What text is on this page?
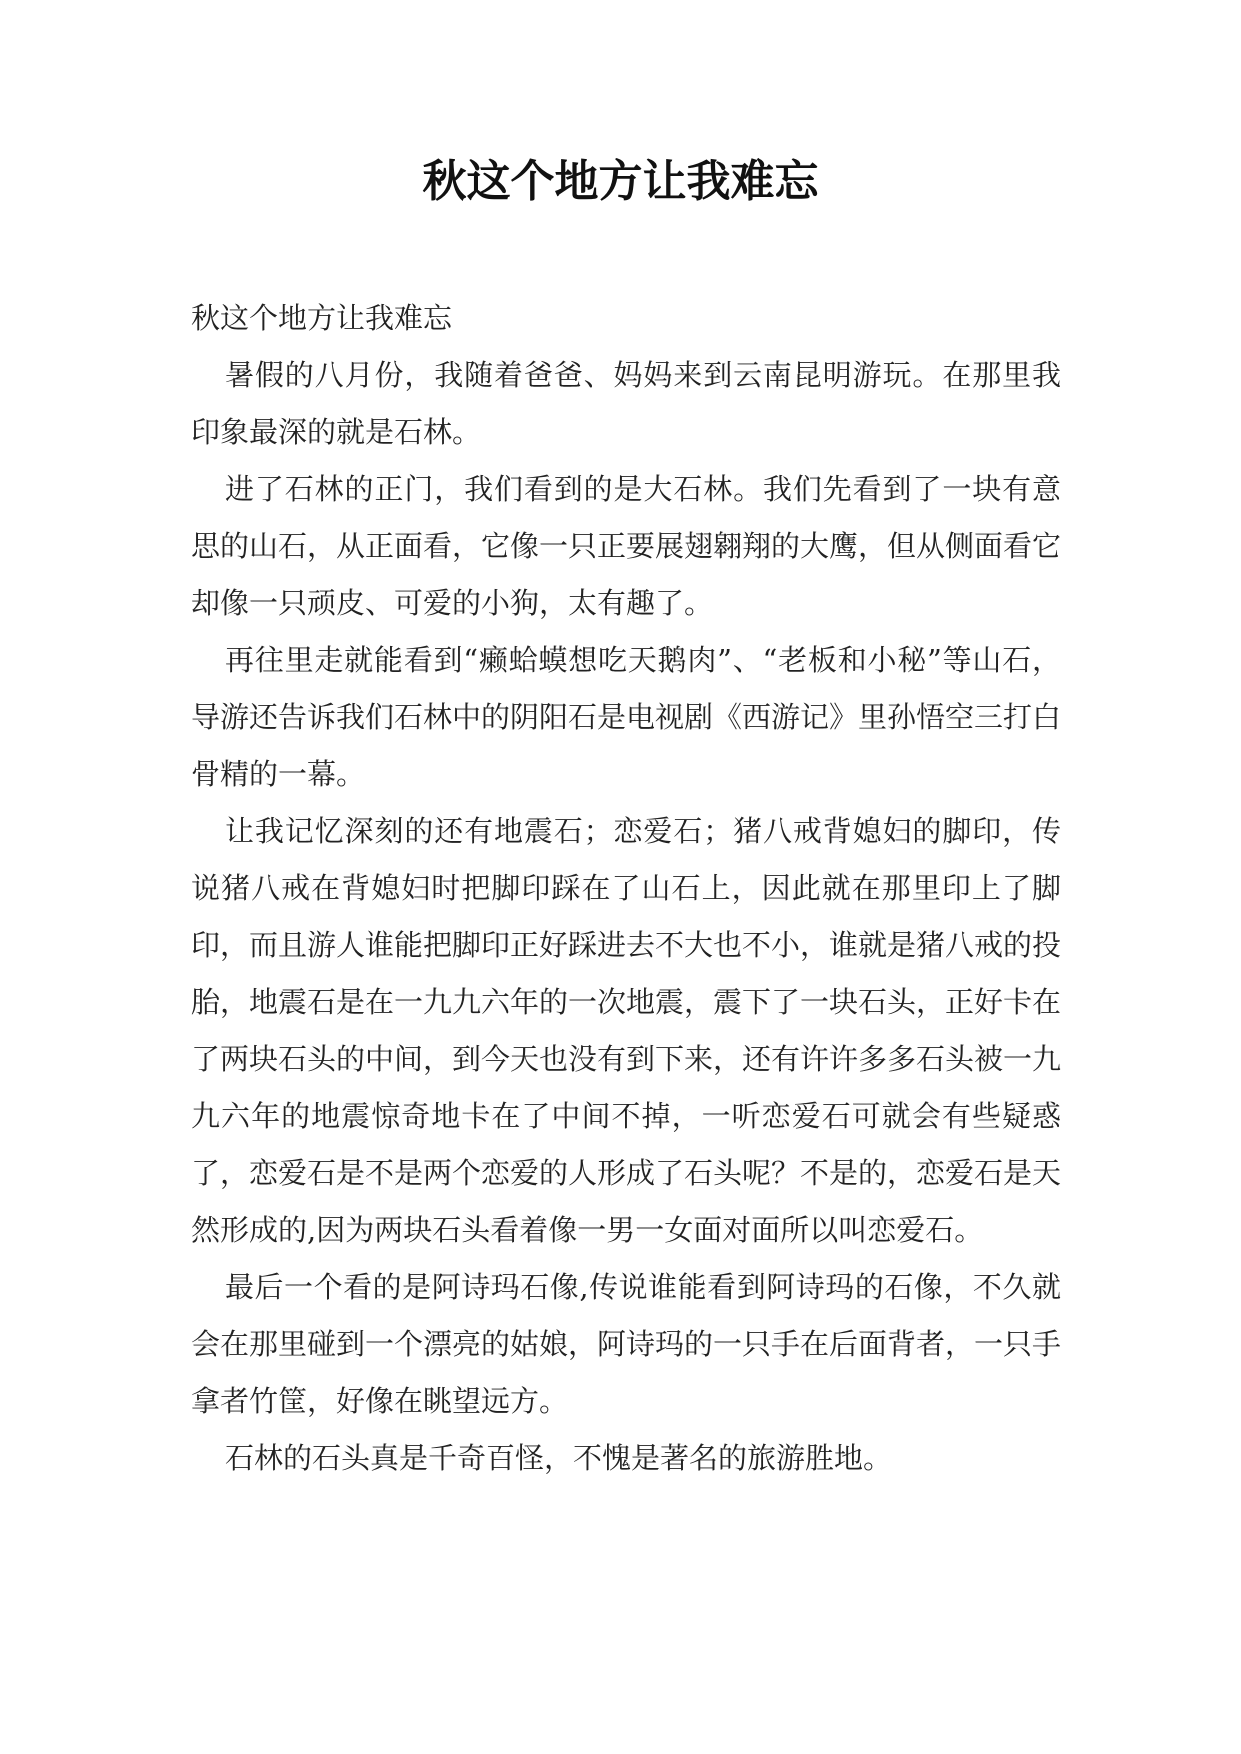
秋这个地方让我难忘

秋这个地方让我难忘

暑假的八月份，我随着爸爸、妈妈来到云南昆明游玩。在那里我印象最深的就是石林。

进了石林的正门，我们看到的是大石林。我们先看到了一块有意思的山石，从正面看，它像一只正要展翅翱翔的大鹰，但从侧面看它却像一只顽皮、可爱的小狗，太有趣了。

再往里走就能看到“癞蛤蟆想吃天鹅肉”、“老板和小秘”等山石，导游还告诉我们石林中的阴阳石是电视剧《西游记》里孙悟空三打白骨精的一幕。

让我记忆深刻的还有地震石；恋爱石；猪八戒背媳妇的脚印，传说猪八戒在背媳妇时把脚印踩在了山石上，因此就在那里印上了脚印，而且游人谁能把脚印正好踩进去不大也不小，谁就是猪八戒的投胎，地震石是在一九九六年的一次地震，震下了一块石头，正好卡在了两块石头的中间，到今天也没有到下来，还有许许多多石头被一九九六年的地震惊奇地卡在了中间不掉，一听恋爱石可就会有些疑惑了，恋爱石是不是两个恋爱的人形成了石头呢？不是的，恋爱石是天然形成的,因为两块石头看着像一男一女面对面所以叫恋爱石。

最后一个看的是阿诗玛石像,传说谁能看到阿诗玛的石像，不久就会在那里碰到一个漂亮的姑娘，阿诗玛的一只手在后面背者，一只手拿者竹筐，好像在眺望远方。

石林的石头真是千奇百怪，不愧是著名的旅游胜地。
